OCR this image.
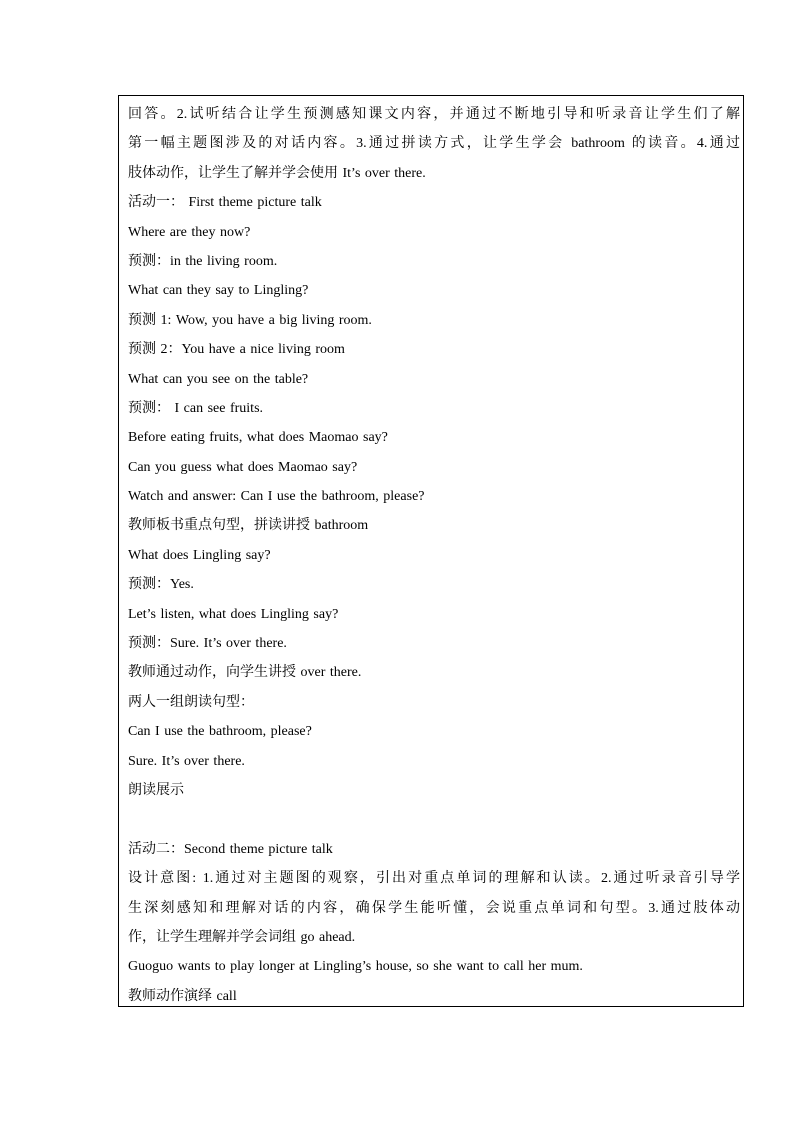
回答。2.试听结合让学生预测感知课文内容，并通过不断地引导和听录音让学生们了解
第一幅主题图涉及的对话内容。3.通过拼读方式，让学生学会 bathroom 的读音。4.通过
肢体动作，让学生了解并学会使用 It’s over there.
活动一： First theme picture talk
Where are they now?
预测：in the living room.
What can they say to Lingling?
预测 1: Wow, you have a big living room.
预测 2：You have a nice living room
What can you see on the table?
预测： I can see fruits.
Before eating fruits, what does Maomao say?
Can you guess what does Maomao say?
Watch and answer: Can I use the bathroom, please?
教师板书重点句型，拼读讲授 bathroom
What does Lingling say?
预测：Yes.
Let’s listen, what does Lingling say?
预测：Sure. It’s over there.
教师通过动作，向学生讲授 over there.
两人一组朗读句型：
Can I use the bathroom, please?
Sure. It’s over there.
朗读展示
活动二：Second theme picture talk
设计意图: 1.通过对主题图的观察，引出对重点单词的理解和认读。2.通过听录音引导学
生深刻感知和理解对话的内容，确保学生能听懂，会说重点单词和句型。3.通过肢体动
作，让学生理解并学会词组 go ahead.
Guoguo wants to play longer at Lingling’s house, so she want to call her mum.
教师动作演绎 call
